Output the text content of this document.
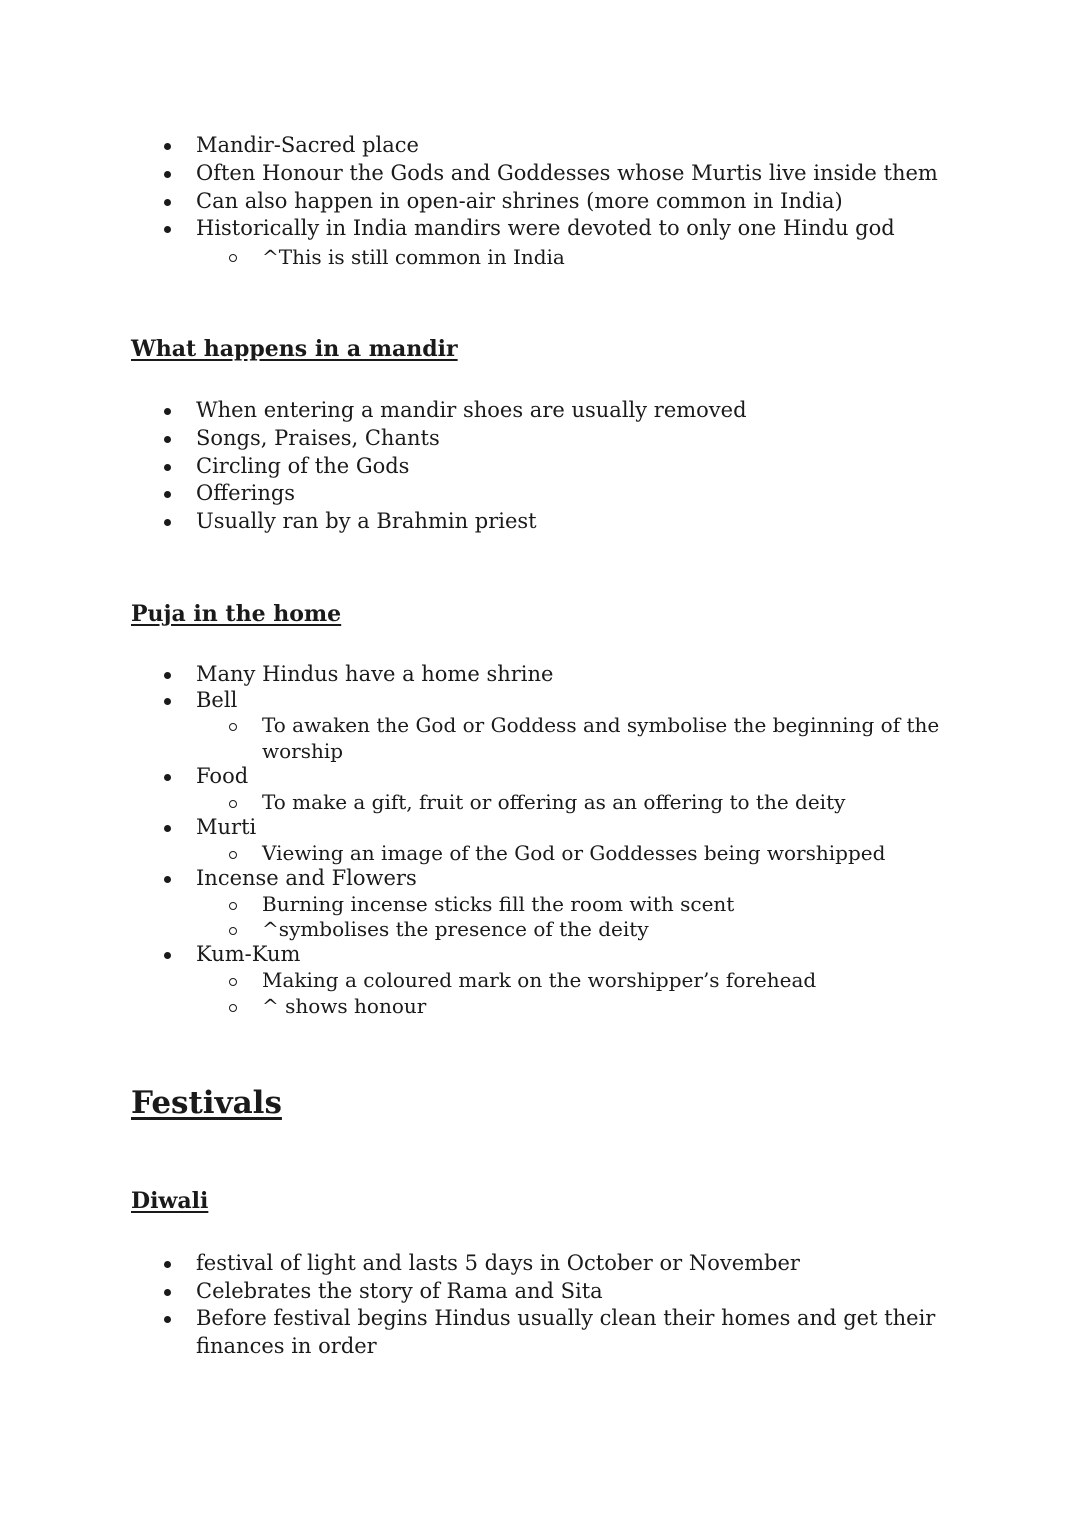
Mandir-Sacred place
Often Honour the Gods and Goddesses whose Murtis live inside them
Can also happen in open-air shrines (more common in India)
Historically in India mandirs were devoted to only one Hindu god
^This is still common in India
What happens in a mandir
When entering a mandir shoes are usually removed
Songs, Praises, Chants
Circling of the Gods
Offerings
Usually ran by a Brahmin priest
Puja in the home
Many Hindus have a home shrine
Bell
To awaken the God or Goddess and symbolise the beginning of the
worship
Food
To make a gift, fruit or offering as an offering to the deity
Murti
Viewing an image of the God or Goddesses being worshipped
Incense and Flowers
Burning incense sticks fill the room with scent
^symbolises the presence of the deity
Kum-Kum
Making a coloured mark on the worshipper’s forehead
^ shows honour
Festivals
Diwali
festival of light and lasts 5 days in October or November
Celebrates the story of Rama and Sita
Before festival begins Hindus usually clean their homes and get their
finances in order
